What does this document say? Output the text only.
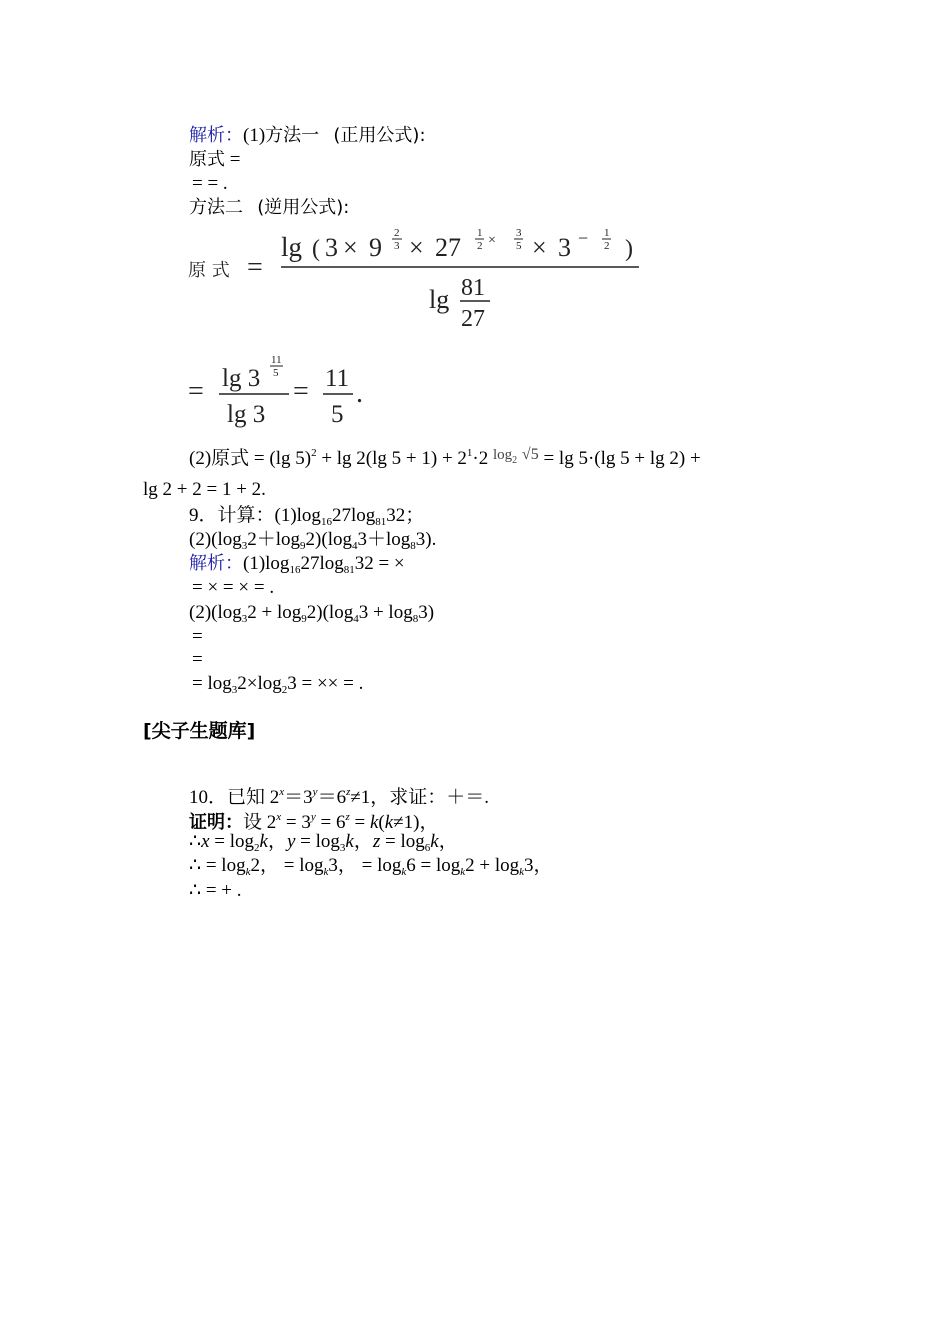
解析：(1)方法一 (正用公式):
原式 =
= = .
方法二 (逆用公式):
原 式 =
lg ( 3 × 9 2
3 × 27 1
2 × 3
5 × 3 − 1
2 )
lg 81
27
= lg 3
11
5
lg 3
= 11
5
.
(2)原式 = (lg 5)$^2$ + lg 2(lg $5 + 1) + 2^1\cdot 2$ $^{log}$2 $^{√5}$ = lg 5·(lg 5 + lg 2) +
lg 2 + 2 = 1 + 2.
9．计算：$(1)\log_{16}27\log_{81}32$；
$(2)(\log_32+\log_92)(\log_43+\log_83)$.
解析：$(1)\log_{16}27\log_{81}32$ = ×
= × = × = .
$(2)(\log_32 + \log_92)(\log_43 + \log_83)$
=
=
= $\log_32\times\log_23$ = ×× = .
[尖子生题库]
10．已知 $2^x=3^y=6^z\ne 1$，求证：＋＝.
证明：设 $2^x = 3^y = 6^z = k(k\ne 1)$，
∴x = $\log_2k$，$y = \log_3k$，$z = \log_6k$，
∴ = $\log_k2$， = $\log_k3$， = $\log_k6 = \log_k2 + \log_k3$，
∴ = + .
